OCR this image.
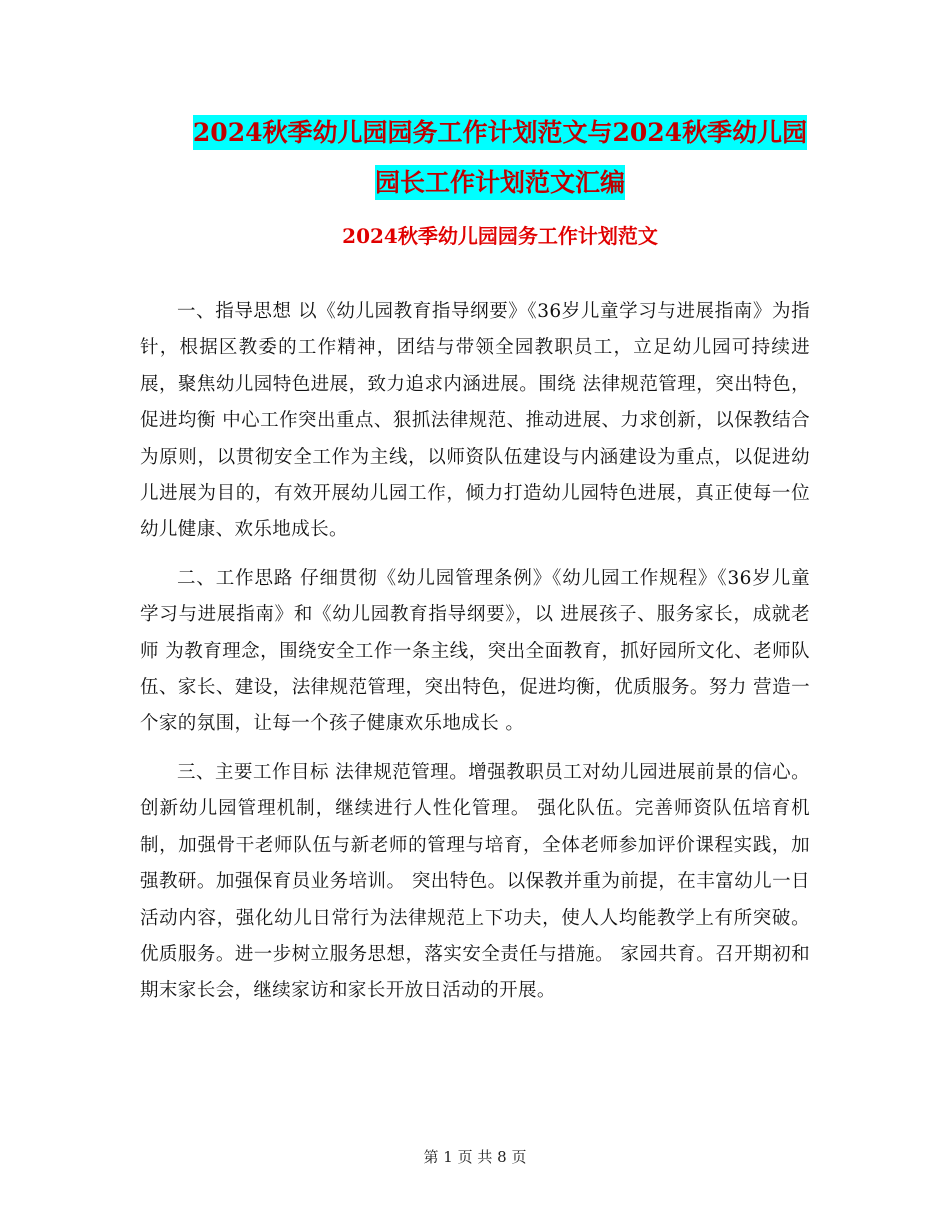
2024秋季幼儿园园务工作计划范文与2024秋季幼儿园
园长工作计划范文汇编
2024秋季幼儿园园务工作计划范文

一、指导思想 以《幼儿园教育指导纲要》《36岁儿童学习与进展指南》为指针，根据区教委的工作精神，团结与带领全园教职员工，立足幼儿园可持续进展，聚焦幼儿园特色进展，致力追求内涵进展。围绕 法律规范管理，突出特色，促进均衡 中心工作突出重点、狠抓法律规范、推动进展、力求创新，以保教结合为原则，以贯彻安全工作为主线，以师资队伍建设与内涵建设为重点，以促进幼儿进展为目的，有效开展幼儿园工作，倾力打造幼儿园特色进展，真正使每一位幼儿健康、欢乐地成长。

二、工作思路 仔细贯彻《幼儿园管理条例》《幼儿园工作规程》《36岁儿童学习与进展指南》和《幼儿园教育指导纲要》，以 进展孩子、服务家长，成就老师 为教育理念，围绕安全工作一条主线，突出全面教育，抓好园所文化、老师队伍、家长、建设，法律规范管理，突出特色，促进均衡，优质服务。努力 营造一个家的氛围，让每一个孩子健康欢乐地成长 。

三、主要工作目标 法律规范管理。增强教职员工对幼儿园进展前景的信心。创新幼儿园管理机制，继续进行人性化管理。 强化队伍。完善师资队伍培育机制，加强骨干老师队伍与新老师的管理与培育，全体老师参加评价课程实践，加强教研。加强保育员业务培训。 突出特色。以保教并重为前提，在丰富幼儿一日活动内容，强化幼儿日常行为法律规范上下功夫，使人人均能教学上有所突破。 优质服务。进一步树立服务思想，落实安全责任与措施。 家园共育。召开期初和期末家长会，继续家访和家长开放日活动的开展。

第 1 页 共 8 页
